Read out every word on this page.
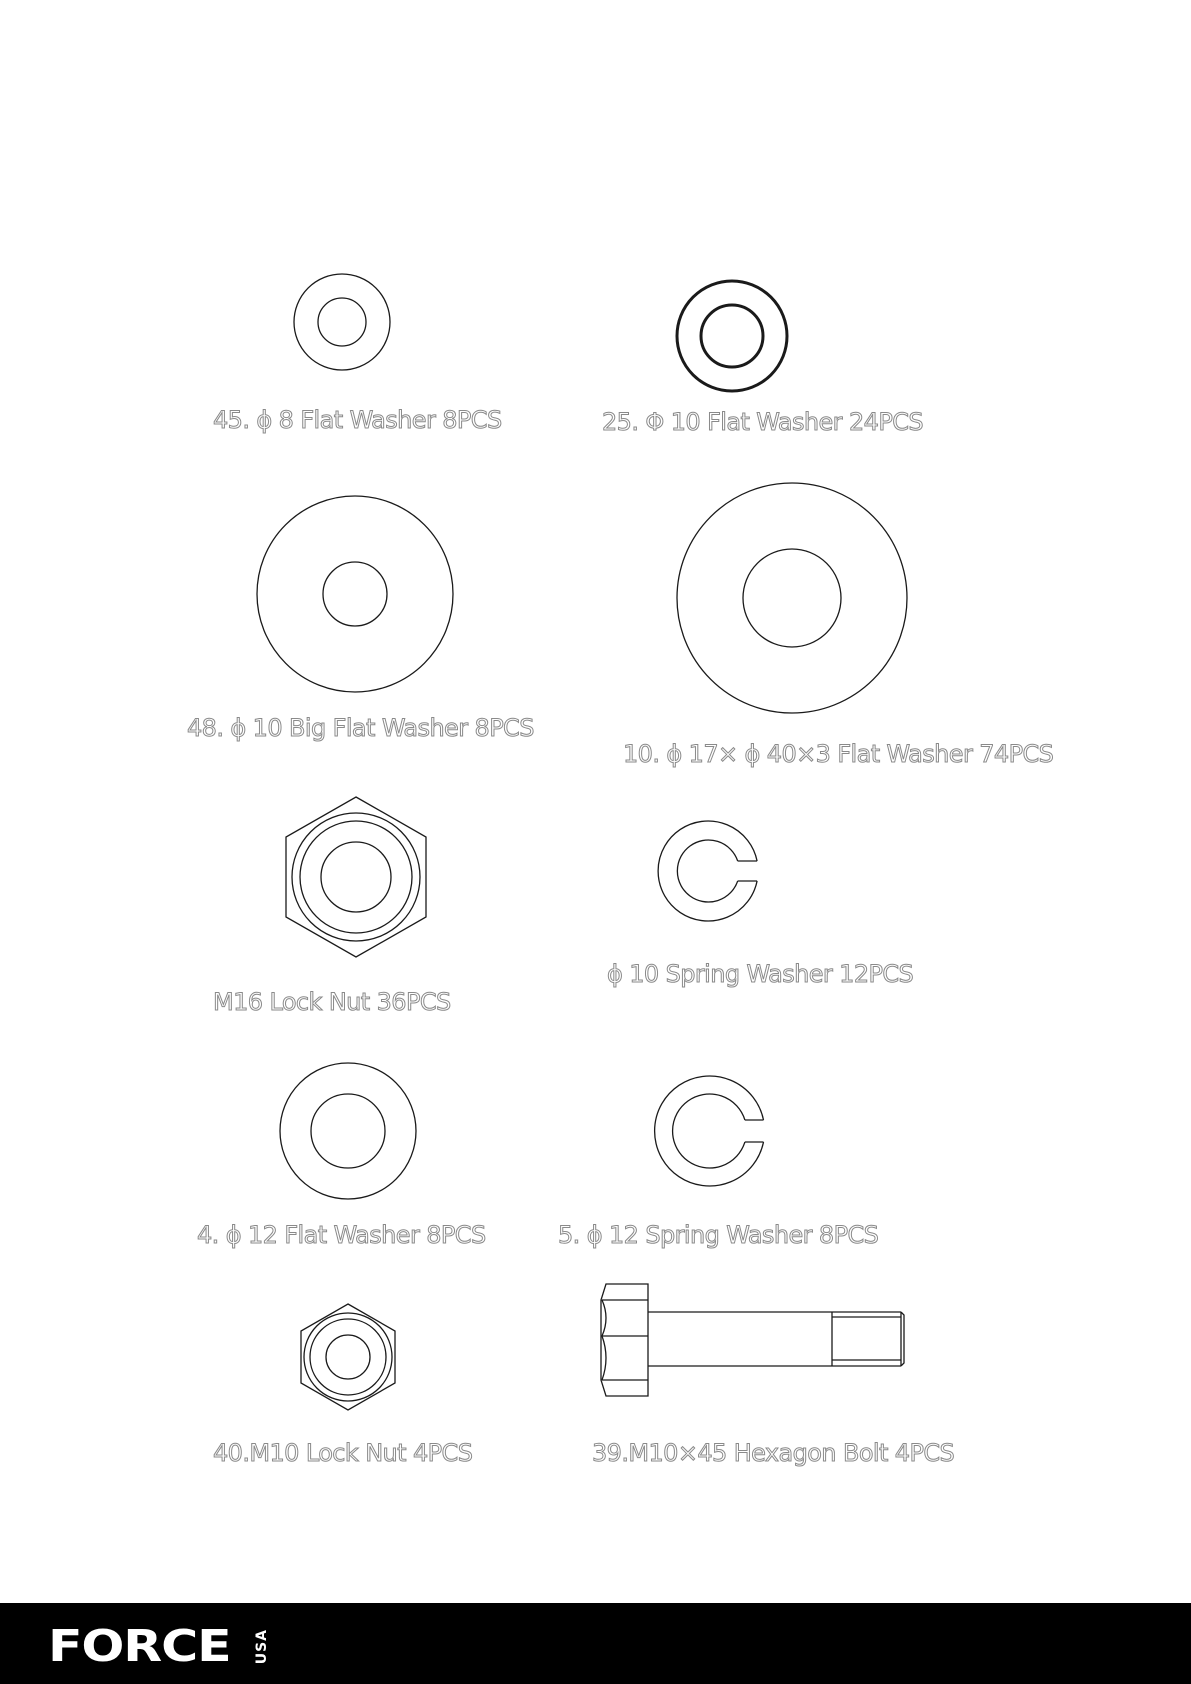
45. ϕ 8 Flat Washer 8PCS	25. Φ 10 Flat Washer 24PCS
48. ϕ 10 Big Flat Washer 8PCS
10. ϕ 17× ϕ 40×3 Flat Washer 74PCS
M16 Lock Nut 36PCS
ϕ 10 Spring Washer 12PCS
4. ϕ 12 Flat Washer 8PCS	5. ϕ 12 Spring Washer 8PCS
40.M10 Lock Nut 4PCS	39.M10×45 Hexagon Bolt 4PCS
FORCE USA
